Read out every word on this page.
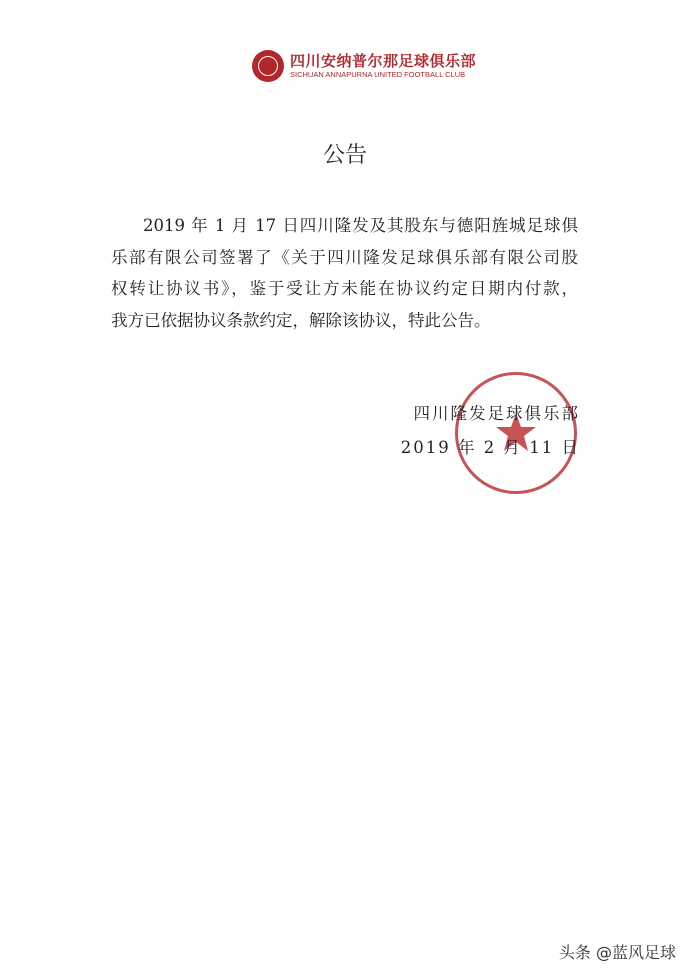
四川安纳普尔那足球俱乐部
SICHUAN ANNAPURNA UNITED FOOTBALL CLUB
公告
2019 年 1 月 17 日四川隆发及其股东与德阳旌城足球俱
乐部有限公司签署了《关于四川隆发足球俱乐部有限公司股
权转让协议书》，鉴于受让方未能在协议约定日期内付款，
我方已依据协议条款约定，解除该协议，特此公告。
四川隆发足球俱乐部
2019 年 2 月 11 日
头条 @蓝风足球
